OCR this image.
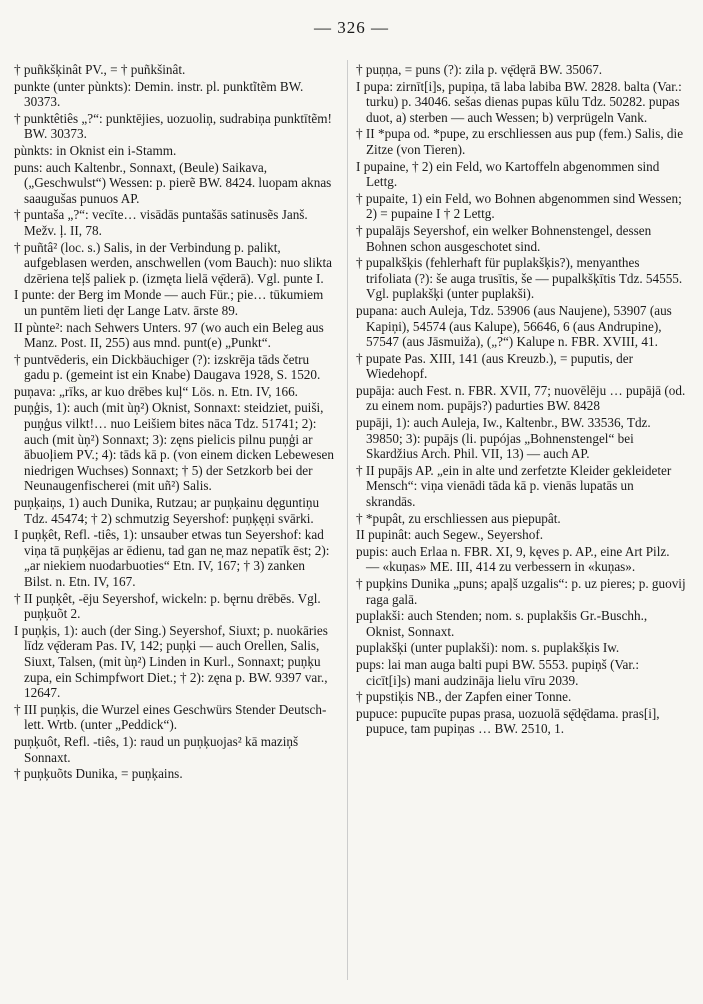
— 326 —
† puñkšķinât PV., = † puñkšinât.
punkte (unter pùnkts): Demin. instr. pl. punktĩtẽm BW. 30373.
† punktêtiês „?“: punktējies, uozuoliņ, sudrabiņa punktītẽm! BW. 30373.
pùnkts: in Oknist ein i-Stamm.
puns: auch Kaltenbr., Sonnaxt, (Beule) Saikava, („Geschwulst“) Wessen: p. pierẽ BW. 8424. luopam aknas saaugušas punuos AP.
† puntaša „?“: vecīte… visādās puntašās satinusẽs Janš. Mežv. ļ. II, 78.
† puñtâ² (loc. s.) Salis, in der Verbindung p. palikt, aufgeblasen werden, anschwellen (vom Bauch): nuo slikta dzēriena teļš paliek p. (izmęta lielā vę̄derā). Vgl. punte I.
I punte: der Berg im Monde — auch Für.; pie… tūkumiem un puntēm lieti dęr Lange Latv. ārste 89.
II pùnte²: nach Sehwers Unters. 97 (wo auch ein Beleg aus Manz. Post. II, 255) aus mnd. punt(e) „Punkt“.
† puntvēderis, ein Dickbäuchiger (?): izskrēja tāds četru gadu p. (gemeint ist ein Knabe) Daugava 1928, S. 1520.
puņava: „rīks, ar kuo drēbes kuļ“ Lös. n. Etn. IV, 166.
puņģis, 1): auch (mit ùņ²) Oknist, Sonnaxt: steidziet, puiši, puņģus vilkt!… nuo Leišiem bites nāca Tdz. 51741; 2): auch (mit ùņ²) Sonnaxt; 3): zęns pielicis pilnu puņģi ar ābuoļiem PV.; 4): tāds kā p. (von einem dicken Lebewesen niedrigen Wuchses) Sonnaxt; † 5) der Setzkorb bei der Neunaugenfischerei (mit uñ²) Salis.
puņķaiņs, 1) auch Dunika, Rutzau; ar puņķainu dęguntiņu Tdz. 45474; † 2) schmutzig Seyershof: puņķęņi svārki.
I puņķêt, Refl. -tiês, 1): unsauber etwas tun Seyershof: kad viņa tā puņķējas ar ēdienu, tad gan ne̦ maz nepatīk ēst; 2): „ar niekiem nuodarbuoties“ Etn. IV, 167; † 3) zanken Bilst. n. Etn. IV, 167.
† II puņķêt, -ēju Seyershof, wickeln: p. bęrnu drēbēs. Vgl. puņķuõt 2.
I puņķis, 1): auch (der Sing.) Seyershof, Siuxt; p. nuokāries līdz vę̄deram Pas. IV, 142; puņķi — auch Orellen, Salis, Siuxt, Talsen, (mit ùņ²) Linden in Kurl., Sonnaxt; puņķu zupa, ein Schimpfwort Diet.; † 2): zęna p. BW. 9397 var., 12647.
† III puņķis, die Wurzel eines Geschwürs Stender Deutsch-lett. Wrtb. (unter „Peddick“).
puņķuôt, Refl. -tiês, 1): raud un puņķuojas² kā maziņš Sonnaxt.
† puņķuõts Dunika, = puņķains.
† puņņa, = puns (?): zila p. vę̄dęrā BW. 35067.
I pupa: zirnīt[i]s, pupiņa, tā laba labiba BW. 2828. balta (Var.: turku) p. 34046. sešas dienas pupas kūlu Tdz. 50282. pupas duot, a) sterben — auch Wessen; b) verprügeln Vank.
† II *pupa od. *pupe, zu erschliessen aus pup (fem.) Salis, die Zitze (von Tieren).
I pupaine, † 2) ein Feld, wo Kartoffeln abgenommen sind Lettg.
† pupaite, 1) ein Feld, wo Bohnen abgenommen sind Wessen; 2) = pupaine I † 2 Lettg.
† pupalājs Seyershof, ein welker Bohnenstengel, dessen Bohnen schon ausgeschotet sind.
† pupalkšķis (fehlerhaft für puplakšķis?), menyanthes trifoliata (?): še auga trusītis, še — pupalkšķītis Tdz. 54555. Vgl. puplakšķi (unter puplakši).
pupana: auch Auleja, Tdz. 53906 (aus Naujene), 53907 (aus Kapiņi), 54574 (aus Kalupe), 56646, 6 (aus Andrupine), 57547 (aus Jāsmuiža), („?“) Kalupe n. FBR. XVIII, 41.
† pupate Pas. XIII, 141 (aus Kreuzb.), = puputis, der Wiedehopf.
pupāja: auch Fest. n. FBR. XVII, 77; nuovēlēju … pupājā (od. zu einem nom. pupājs?) padurties BW. 8428
pupāji, 1): auch Auleja, Iw., Kaltenbr., BW. 33536, Tdz. 39850; 3): pupājs (li. pupójas „Bohnenstengel“ bei Skardžius Arch. Phil. VII, 13) — auch AP.
† II pupājs AP. „ein in alte und zerfetzte Kleider gekleideter Mensch“: viņa vienādi tāda kā p. vienās lupatās un skrandās.
† *pupât, zu erschliessen aus piepupât.
II pupinât: auch Segew., Seyershof.
pupis: auch Erlaa n. FBR. XI, 9, kęves p. AP., eine Art Pilz. — «kuņas» ME. III, 414 zu verbessern in «kuņas».
† pupķins Dunika „puns; apaļš uzgalis“: p. uz pieres; p. guovij raga galā.
puplakši: auch Stenden; nom. s. puplakšis Gr.-Buschh., Oknist, Sonnaxt.
puplakšķi (unter puplakši): nom. s. puplakšķis Iw.
pups: lai man auga balti pupi BW. 5553. pupiņš (Var.: cicīt[i]s) mani audzināja lielu vīru 2039.
† pupstiķis NB., der Zapfen einer Tonne.
pupuce: pupucīte pupas prasa, uozuolā sę̄dę̄dama. pras[i], pupuce, tam pupiņas … BW. 2510, 1.
